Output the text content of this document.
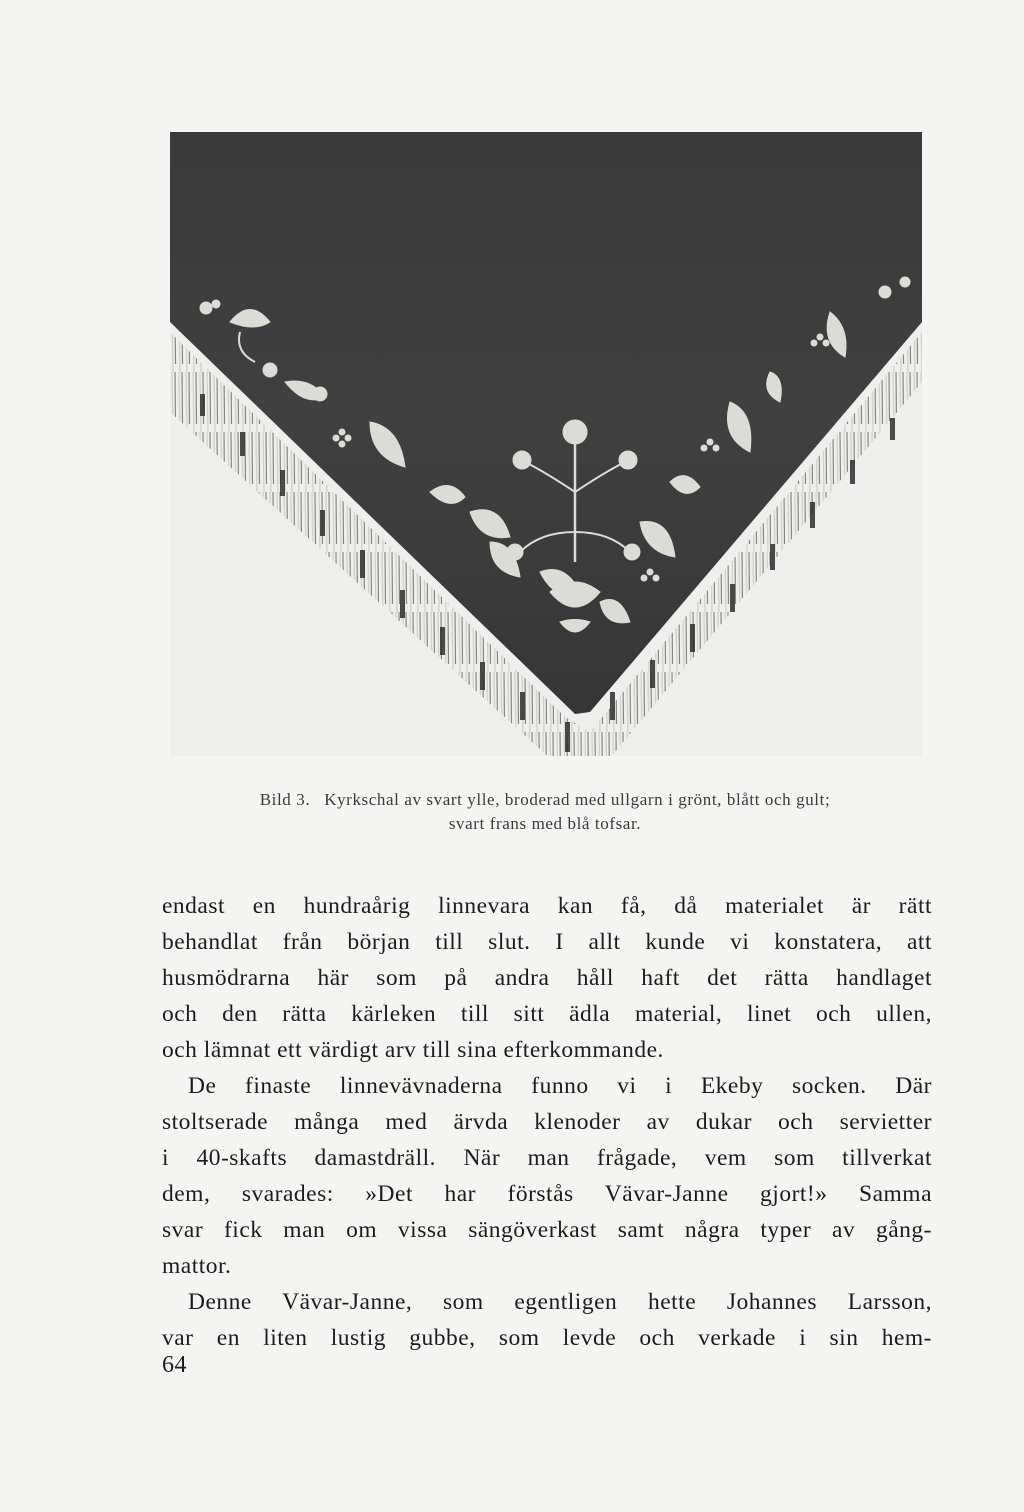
Bild 3. Kyrkschal av svart ylle, broderad med ullgarn i grönt, blått och gult;
svart frans med blå tofsar.
endast en hundraårig linnevara kan få, då materialet är rätt
behandlat från början till slut. I allt kunde vi konstatera, att
husmödrarna här som på andra håll haft det rätta handlaget
och den rätta kärleken till sitt ädla material, linet och ullen,
och lämnat ett värdigt arv till sina efterkommande.
De finaste linnevävnaderna funno vi i Ekeby socken. Där
stoltserade många med ärvda klenoder av dukar och servietter
i 40-skafts damastdräll. När man frågade, vem som tillverkat
dem, svarades: »Det har förstås Vävar-Janne gjort!» Samma
svar fick man om vissa sängöverkast samt några typer av gång-
mattor.
Denne Vävar-Janne, som egentligen hette Johannes Larsson,
var en liten lustig gubbe, som levde och verkade i sin hem-
64
